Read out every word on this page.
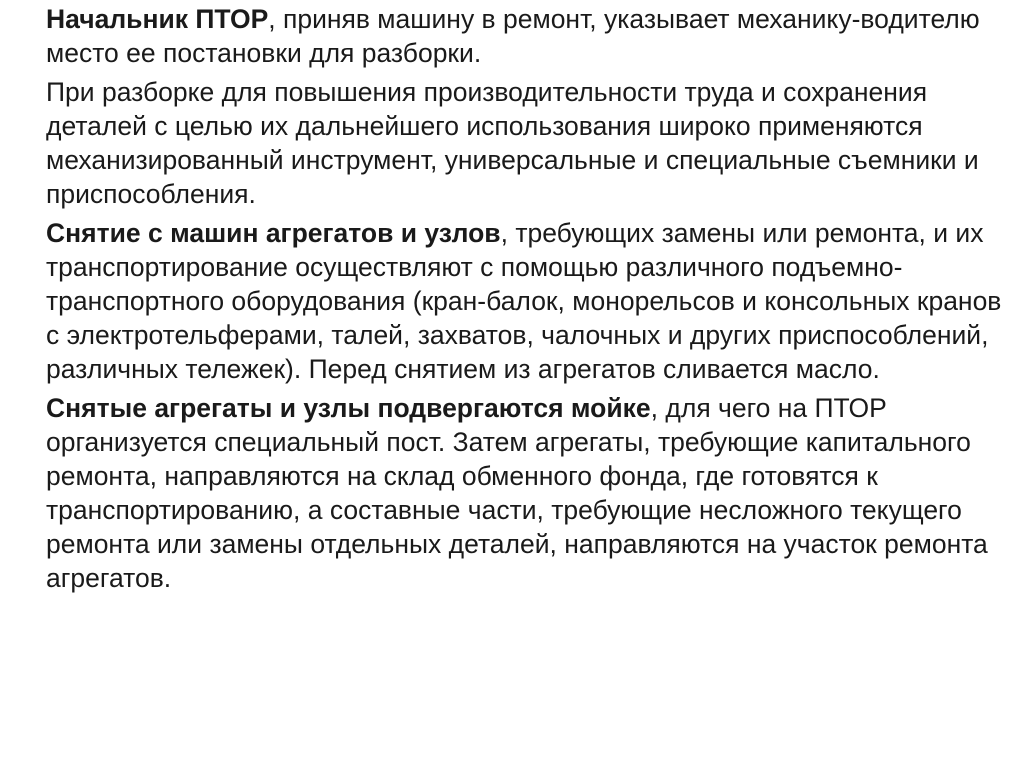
Начальник ПТОР, приняв машину в ремонт, указывает механику-водителю место ее постановки для разборки.

При разборке для повышения производительности труда и сохранения деталей с целью их дальнейшего использования широко применяются механизированный инструмент, универсальные и специальные съемники и приспособления.

Снятие с машин агрегатов и узлов, требующих замены или ремонта, и их транспортирование осуществляют с помощью различного подъемно-транспортного оборудования (кран-балок, монорельсов и консольных кранов с электротельферами, талей, захватов, чалочных и других приспособлений, различных тележек). Перед снятием из агрегатов сливается масло.

Снятые агрегаты и узлы подвергаются мойке, для чего на ПТОР организуется специальный пост. Затем агрегаты, требующие капитального ремонта, направляются на склад обменного фонда, где готовятся к транспортированию, а составные части, требующие несложного текущего ремонта или замены отдельных деталей, направляются на участок ремонта агрегатов.
